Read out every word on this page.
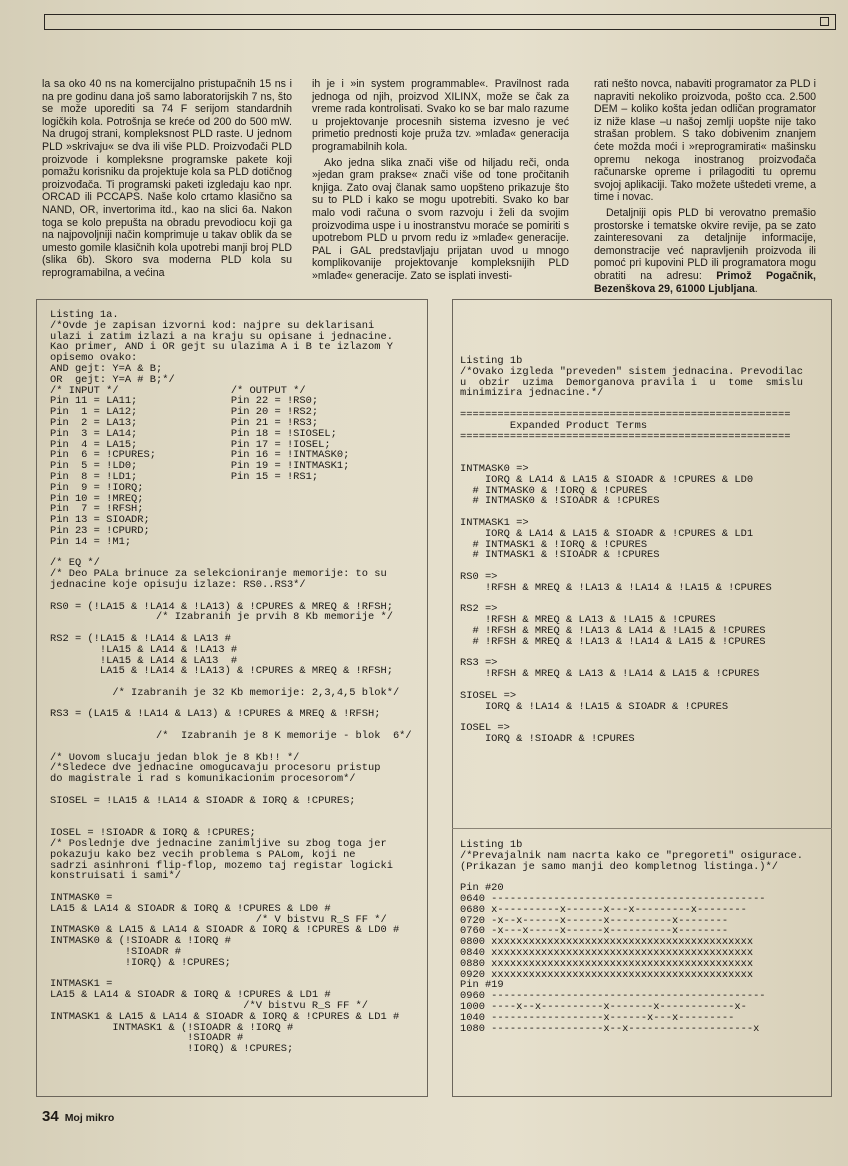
la sa oko 40 ns na komercijalno pristupačnih 15 ns i na pre godinu dana još samo laboratorijskih 7 ns, što se može uporediti sa 74 F serijom standardnih logičkih kola. Potrošnja se kreće od 200 do 500 mW. Na drugoj strani, kompleksnost PLD raste. U jednom PLD »skrivaju« se dva ili više PLD. Proizvođači PLD proizvode i kompleksne programske pakete koji pomažu korisniku da projektuje kola sa PLD dotičnog proizvođača. Ti programski paketi izgledaju kao npr. ORCAD ili PCCAPS. Naše kolo crtamo klasično sa NAND, OR, invertorima itd., kao na slici 6a. Nakon toga se kolo prepušta na obradu prevodiocu koji ga na najpovoljniji način komprimuje u takav oblik da se umesto gomile klasičnih kola upotrebi manji broj PLD (slika 6b). Skoro sva moderna PLD kola su reprogramabilna, a većina

ih je i »in system programmable«. Pravilnost rada jednoga od njih, proizvod XILINX, može se čak za vreme rada kontrolisati. Svako ko se bar malo razume u projektovanje procesnih sistema izvesno je već primetio prednosti koje pruža tzv. »mlađa« generacija programabilnih kola.

Ako jedna slika znači više od hiljadu reči, onda »jedan gram prakse« znači više od tone pročitanih knjiga. Zato ovaj članak samo uopšteno prikazuje što su to PLD i kako se mogu upotrebiti. Svako ko bar malo vodi računa o svom razvoju i želi da svojim proizvodima uspe i u inostranstvu moraće se pomiriti s upotrebom PLD u prvom redu iz »mlađe« generacije. PAL i GAL predstavljaju prijatan uvod u mnogo komplikovanije projektovanje kompleksnijih PLD »mlađe« generacije. Zato se isplati investi-

rati nešto novca, nabaviti programator za PLD i napraviti nekoliko proizvoda, pošto cca. 2.500 DEM – koliko košta jedan odličan programator iz niže klase –u našoj zemlji uopšte nije tako strašan problem. S tako dobivenim znanjem ćete možda moći i »reprogramirati« mašinsku opremu nekoga inostranog proizvođača računarske opreme i prilagoditi tu opremu svojoj aplikaciji. Tako možete uštedeti vreme, a time i novac.

Detaljniji opis PLD bi verovatno premašio prostorske i tematske okvire revije, pa se zato zainteresovani za detaljnije informacije, demonstracije već napravljenih proizvoda ili pomoć pri kupovini PLD ili programatora mogu obratiti na adresu: Primož Pogačnik, Bezenškova 29, 61000 Ljubljana.

Listing 1a.
/*Ovde je zapisan izvorni kod: najpre su deklarisani
ulazi i zatim izlazi a na kraju su opisane i jednacine.
Kao primer, AND i OR gejt su ulazima A i B te izlazom Y
opisemo ovako:
AND gejt: Y=A & B;
OR  gejt: Y=A # B;*/
/* INPUT */                  /* OUTPUT */
Pin 11 = LA11;               Pin 22 = !RS0;
Pin  1 = LA12;               Pin 20 = !RS2;
Pin  2 = LA13;               Pin 21 = !RS3;
Pin  3 = LA14;               Pin 18 = !SIOSEL;
Pin  4 = LA15;               Pin 17 = !IOSEL;
Pin  6 = !CPURES;            Pin 16 = !INTMASK0;
Pin  5 = !LD0;               Pin 19 = !INTMASK1;
Pin  8 = !LD1;               Pin 15 = !RS1;
Pin  9 = !IORQ;
Pin 10 = !MREQ;
Pin  7 = !RFSH;
Pin 13 = SIOADR;
Pin 23 = !CPURD;
Pin 14 = !M1;

/* EQ */
/* Deo PALa brinuce za selekcioniranje memorije: to su
jednacine koje opisuju izlaze: RS0..RS3*/

RS0 = (!LA15 & !LA14 & !LA13) & !CPURES & MREQ & !RFSH;
/* Izabranih je prvih 8 Kb memorije */

RS2 = (!LA15 & !LA14 & LA13 #
!LA15 & LA14 & !LA13 #
!LA15 & LA14 & LA13  #
LA15 & !LA14 & !LA13) & !CPURES & MREQ & !RFSH;

/* Izabranih je 32 Kb memorije: 2,3,4,5 blok*/

RS3 = (LA15 & !LA14 & LA13) & !CPURES & MREQ & !RFSH;

/*  Izabranih je 8 K memorije - blok  6*/

/* Uovom slucaju jedan blok je 8 Kb!! */
/*Sledece dve jednacine omogucavaju procesoru pristup
do magistrale i rad s komunikacionim procesorom*/

SIOSEL = !LA15 & !LA14 & SIOADR & IORQ & !CPURES;

IOSEL = !SIOADR & IORQ & !CPURES;
/* Poslednje dve jednacine zanimljive su zbog toga jer
pokazuju kako bez vecih problema s PALom, koji ne
sadrzi asinhroni flip-flop, mozemo taj registar logicki
konstruisati i sami*/

INTMASK0 =
LA15 & LA14 & SIOADR & IORQ & !CPURES & LD0 #
/* V bistvu R_S FF */
INTMASK0 & LA15 & LA14 & SIOADR & IORQ & !CPURES & LD0 #
INTMASK0 & (!SIOADR & !IORQ #
!SIOADR #
!IORQ) & !CPURES;

INTMASK1 =
LA15 & LA14 & SIOADR & IORQ & !CPURES & LD1 #
/*V bistvu R_S FF */
INTMASK1 & LA15 & LA14 & SIOADR & IORQ & !CPURES & LD1 #
INTMASK1 & (!SIOADR & !IORQ #
!SIOADR #
!IORQ) & !CPURES;
Listing 1b
/*Ovako izgleda "preveden" sistem jednacina. Prevodilac
u  obzir  uzima  Demorganova pravila i  u  tome  smislu
minimizira jednacine.*/

=====================================================
Expanded Product Terms
=====================================================

INTMASK0 =>
IORQ & LA14 & LA15 & SIOADR & !CPURES & LD0
# INTMASK0 & !IORQ & !CPURES
# INTMASK0 & !SIOADR & !CPURES

INTMASK1 =>
IORQ & LA14 & LA15 & SIOADR & !CPURES & LD1
# INTMASK1 & !IORQ & !CPURES
# INTMASK1 & !SIOADR & !CPURES

RS0 =>
!RFSH & MREQ & !LA13 & !LA14 & !LA15 & !CPURES

RS2 =>
!RFSH & MREQ & LA13 & !LA15 & !CPURES
# !RFSH & MREQ & !LA13 & LA14 & !LA15 & !CPURES
# !RFSH & MREQ & !LA13 & !LA14 & LA15 & !CPURES

RS3 =>
!RFSH & MREQ & LA13 & !LA14 & LA15 & !CPURES

SIOSEL =>
IORQ & !LA14 & !LA15 & SIOADR & !CPURES

IOSEL =>
IORQ & !SIOADR & !CPURES
Listing 1b
/*Prevajalnik nam nacrta kako ce "pregoreti" osigurace.
(Prikazan je samo manji deo kompletnog listinga.)*/

Pin #20
0640 --------------------------------------------
0680 x----------x------x---x---------x--------
0720 -x--x------x------x----------x--------
0760 -x---x-----x------x----------x--------
0800 xxxxxxxxxxxxxxxxxxxxxxxxxxxxxxxxxxxxxxxxxx
0840 xxxxxxxxxxxxxxxxxxxxxxxxxxxxxxxxxxxxxxxxxx
0880 xxxxxxxxxxxxxxxxxxxxxxxxxxxxxxxxxxxxxxxxxx
0920 xxxxxxxxxxxxxxxxxxxxxxxxxxxxxxxxxxxxxxxxxx
Pin #19
0960 --------------------------------------------
1000 ----x--x----------x-------x------------x-
1040 ------------------x------x---x---------
1080 ------------------x--x--------------------x
34 Moj mikro
